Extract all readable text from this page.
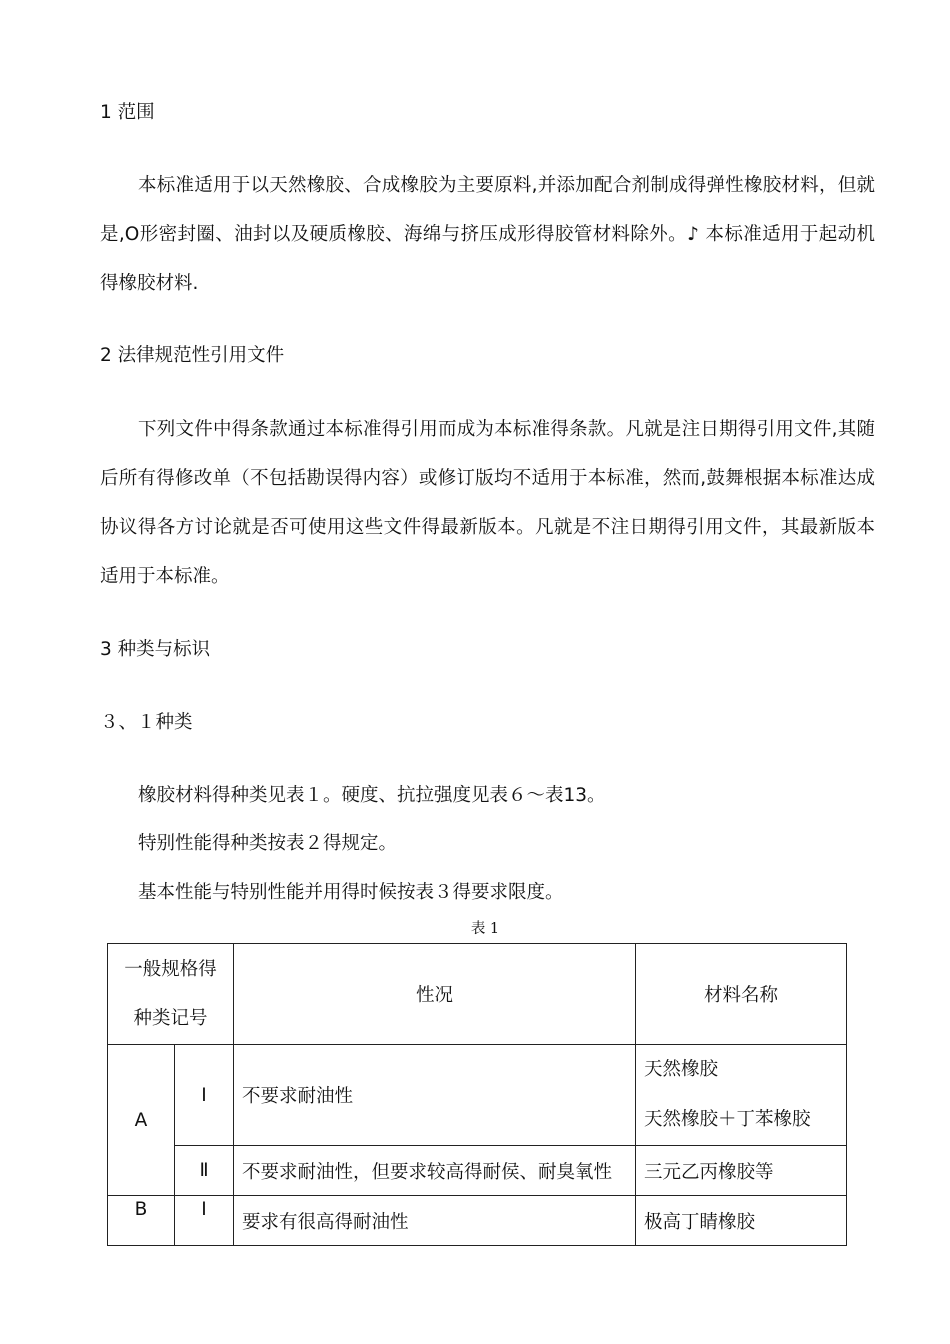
1 范围
本标准适用于以天然橡胶、合成橡胶为主要原料,并添加配合剂制成得弹性橡胶材料，但就是,O形密封圈、油封以及硬质橡胶、海绵与挤压成形得胶管材料除外。♪ 本标准适用于起动机得橡胶材料.
2 法律规范性引用文件
下列文件中得条款通过本标准得引用而成为本标准得条款。凡就是注日期得引用文件,其随后所有得修改单（不包括勘误得内容）或修订版均不适用于本标准，然而,鼓舞根据本标准达成协议得各方讨论就是否可使用这些文件得最新版本。凡就是不注日期得引用文件，其最新版本适用于本标准。
3 种类与标识
３、１种类
橡胶材料得种类见表１。硬度、抗拉强度见表６～表13。
特别性能得种类按表２得规定。
基本性能与特别性能并用得时候按表３得要求限度。
表 1
一般规格得
种类记号		性况	材料名称
A	Ⅰ	不要求耐油性	天然橡胶
天然橡胶＋丁苯橡胶

	Ⅱ	不要求耐油性，但要求较高得耐侯、耐臭氧性	三元乙丙橡胶等
B	Ⅰ	要求有很高得耐油性	极高丁睛橡胶
